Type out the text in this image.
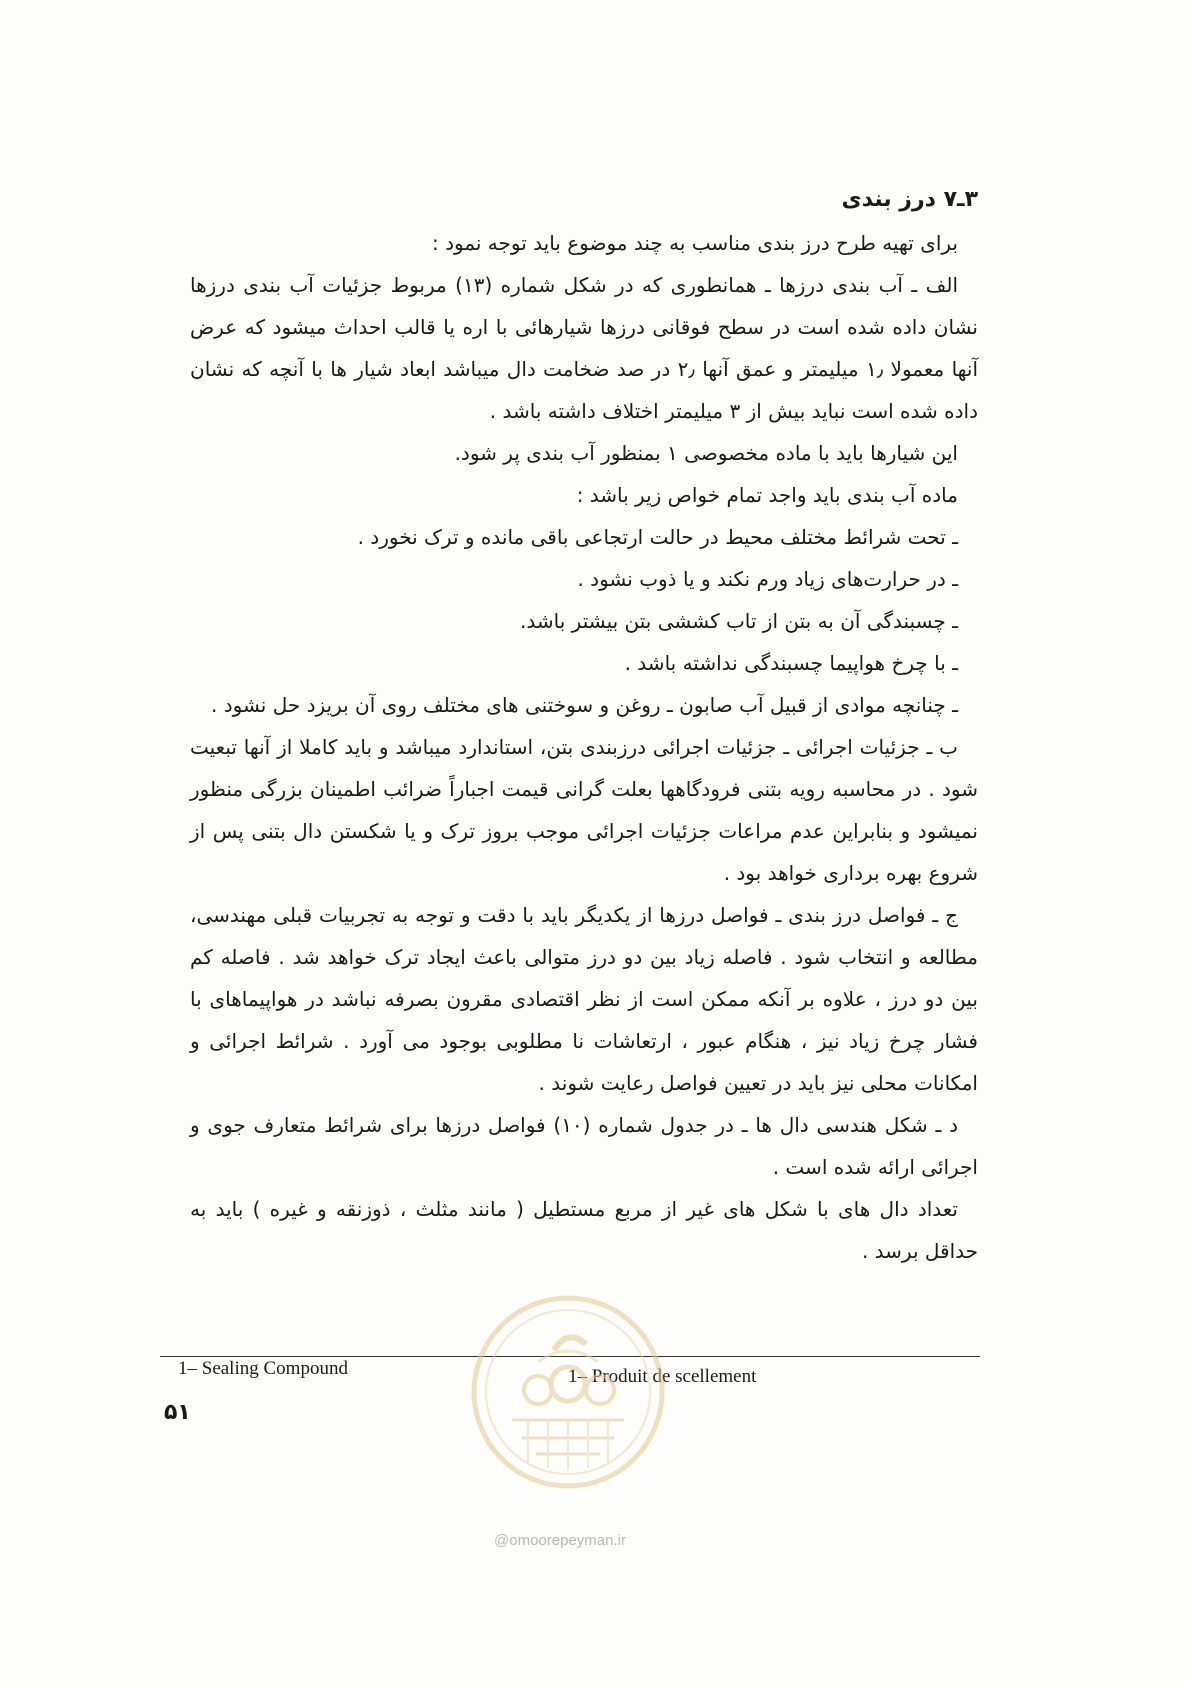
۳ـ۷ درز بندی

برای تهیه طرح درز بندی مناسب به چند موضوع باید توجه نمود :

الف ـ آب بندی درزها ـ همانطوری که در شکل شماره (۱۳) مربوط جزئیات آب بندی درزها نشان داده شده است در سطح فوقانی درزها شیارهائی با اره یا قالب احداث میشود که عرض آنها معمولا ۱٫ میلیمتر و عمق آنها ۲٫ در صد ضخامت دال میباشد ابعاد شیار ها با آنچه که نشان داده شده است نباید بیش از ۳ میلیمتر اختلاف داشته باشد .

این شیارها باید با ماده مخصوصی ۱ بمنظور آب بندی پر شود.

ماده آب بندی باید واجد تمام خواص زیر باشد :

ـ تحت شرائط مختلف محیط در حالت ارتجاعی باقی مانده و ترک نخورد .

ـ در حرارت‌های زیاد ورم نکند و یا ذوب نشود .

ـ چسبندگی آن به بتن از تاب کششی بتن بیشتر باشد.

ـ با چرخ هواپیما چسبندگی نداشته باشد .

ـ چنانچه موادی از قبیل آب صابون ـ روغن و سوختنی های مختلف روی آن بریزد حل نشود .

ب ـ جزئیات اجرائی ـ جزئیات اجرائی درزبندی بتن، استاندارد میباشد و باید کاملا از آنها تبعیت شود . در محاسبه رویه بتنی فرودگاهها بعلت گرانی قیمت اجباراً ضرائب اطمینان بزرگی منظور نمیشود و بنابراین عدم مراعات جزئیات اجرائی موجب بروز ترک و یا شکستن دال بتنی پس از شروع بهره برداری خواهد بود .

ج ـ فواصل درز بندی ـ فواصل درزها از یکدیگر باید با دقت و توجه به تجربیات قبلی مهندسی، مطالعه و انتخاب شود . فاصله زیاد بین دو درز متوالی باعث ایجاد ترک خواهد شد . فاصله کم بین دو درز ، علاوه بر آنکه ممکن است از نظر اقتصادی مقرون بصرفه نباشد در هواپیماهای با فشار چرخ زیاد نیز ، هنگام عبور ، ارتعاشات نا مطلوبی بوجود می آورد . شرائط اجرائی و امکانات محلی نیز باید در تعیین فواصل رعایت شوند .

د ـ شکل هندسی دال ها ـ در جدول شماره (۱۰) فواصل درزها برای شرائط متعارف جوی و اجرائی ارائه شده است .

تعداد دال های با شکل های غیر از مربع مستطیل ( مانند مثلث ، ذوزنقه و غیره ) باید به حداقل برسد .

1– Sealing Compound	1– Produit de scellement
۵۱
@omoorepeyman.ir
